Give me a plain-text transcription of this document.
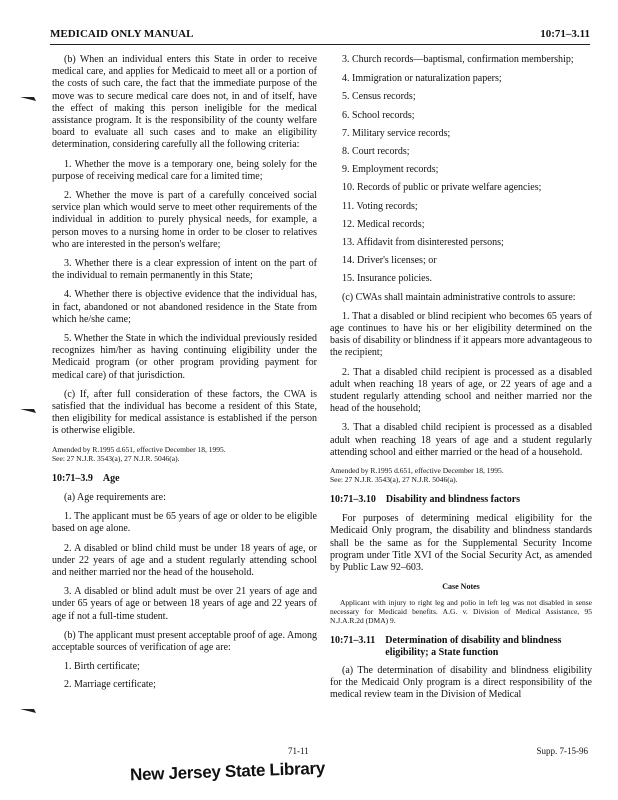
MEDICAID ONLY MANUAL	10:71–3.11

(b) When an individual enters this State in order to receive medical care, and applies for Medicaid to meet all or a portion of the costs of such care, the fact that the immediate purpose of the move was to secure medical care does not, in and of itself, have the effect of making this person ineligible for the medical assistance program. It is the responsibility of the county welfare board to evaluate all such cases and to make an eligibility determination, considering carefully all the following criteria:

1. Whether the move is a temporary one, being solely for the purpose of receiving medical care for a limited time;

2. Whether the move is part of a carefully conceived social service plan which would serve to meet other requirements of the individual in addition to purely physical needs, for example, a person moves to a nursing home in order to be closer to relatives who are interested in the person's welfare;

3. Whether there is a clear expression of intent on the part of the individual to remain permanently in this State;

4. Whether there is objective evidence that the individual has, in fact, abandoned or not abandoned residence in the State from which he/she came;

5. Whether the State in which the individual previously resided recognizes him/her as having continuing eligibility under the Medicaid program (or other program providing payment for medical care) of that jurisdiction.

(c) If, after full consideration of these factors, the CWA is satisfied that the individual has become a resident of this State, then eligibility for medical assistance is established if the person is otherwise eligible.

Amended by R.1995 d.651, effective December 18, 1995.
See: 27 N.J.R. 3543(a), 27 N.J.R. 5046(a).
10:71–3.9 Age

(a) Age requirements are:

1. The applicant must be 65 years of age or older to be eligible based on age alone.

2. A disabled or blind child must be under 18 years of age, or under 22 years of age and a student regularly attending school and neither married nor the head of the household.

3. A disabled or blind adult must be over 21 years of age and under 65 years of age or between 18 years of age and 22 years of age if not a full-time student.

(b) The applicant must present acceptable proof of age. Among acceptable sources of verification of age are:

1. Birth certificate;
2. Marriage certificate;

3. Church records—baptismal, confirmation membership;

4. Immigration or naturalization papers;
5. Census records;
6. School records;
7. Military service records;
8. Court records;
9. Employment records;
10. Records of public or private welfare agencies;
11. Voting records;
12. Medical records;
13. Affidavit from disinterested persons;
14. Driver's licenses; or
15. Insurance policies.

(c) CWAs shall maintain administrative controls to assure:

1. That a disabled or blind recipient who becomes 65 years of age continues to have his or her eligibility determined on the basis of disability or blindness if it appears more advantageous to the recipient;

2. That a disabled child recipient is processed as a disabled adult when reaching 18 years of age, or 22 years of age and a student regularly attending school and neither married nor the head of the household;

3. That a disabled child recipient is processed as a disabled adult when reaching 18 years of age and a student regularly attending school and either married or the head of a household.

Amended by R.1995 d.651, effective December 18, 1995.
See: 27 N.J.R. 3543(a), 27 N.J.R. 5046(a).
10:71–3.10 Disability and blindness factors

For purposes of determining medical eligibility for the Medicaid Only program, the disability and blindness standards shall be the same as for the Supplemental Security Income program under Title XVI of the Social Security Act, as amended by Public Law 92–603.

Case Notes

Applicant with injury to right leg and polio in left leg was not disabled in sense necessary for Medicaid benefits. A.G. v. Division of Medical Assistance, 95 N.J.A.R.2d (DMA) 9.

10:71–3.11 Determination of disability and blindness eligibility; a State function

(a) The determination of disability and blindness eligibility for the Medicaid Only program is a direct responsibility of the medical review team in the Division of Medical

71-11	Supp. 7-15-96
New Jersey State Library
